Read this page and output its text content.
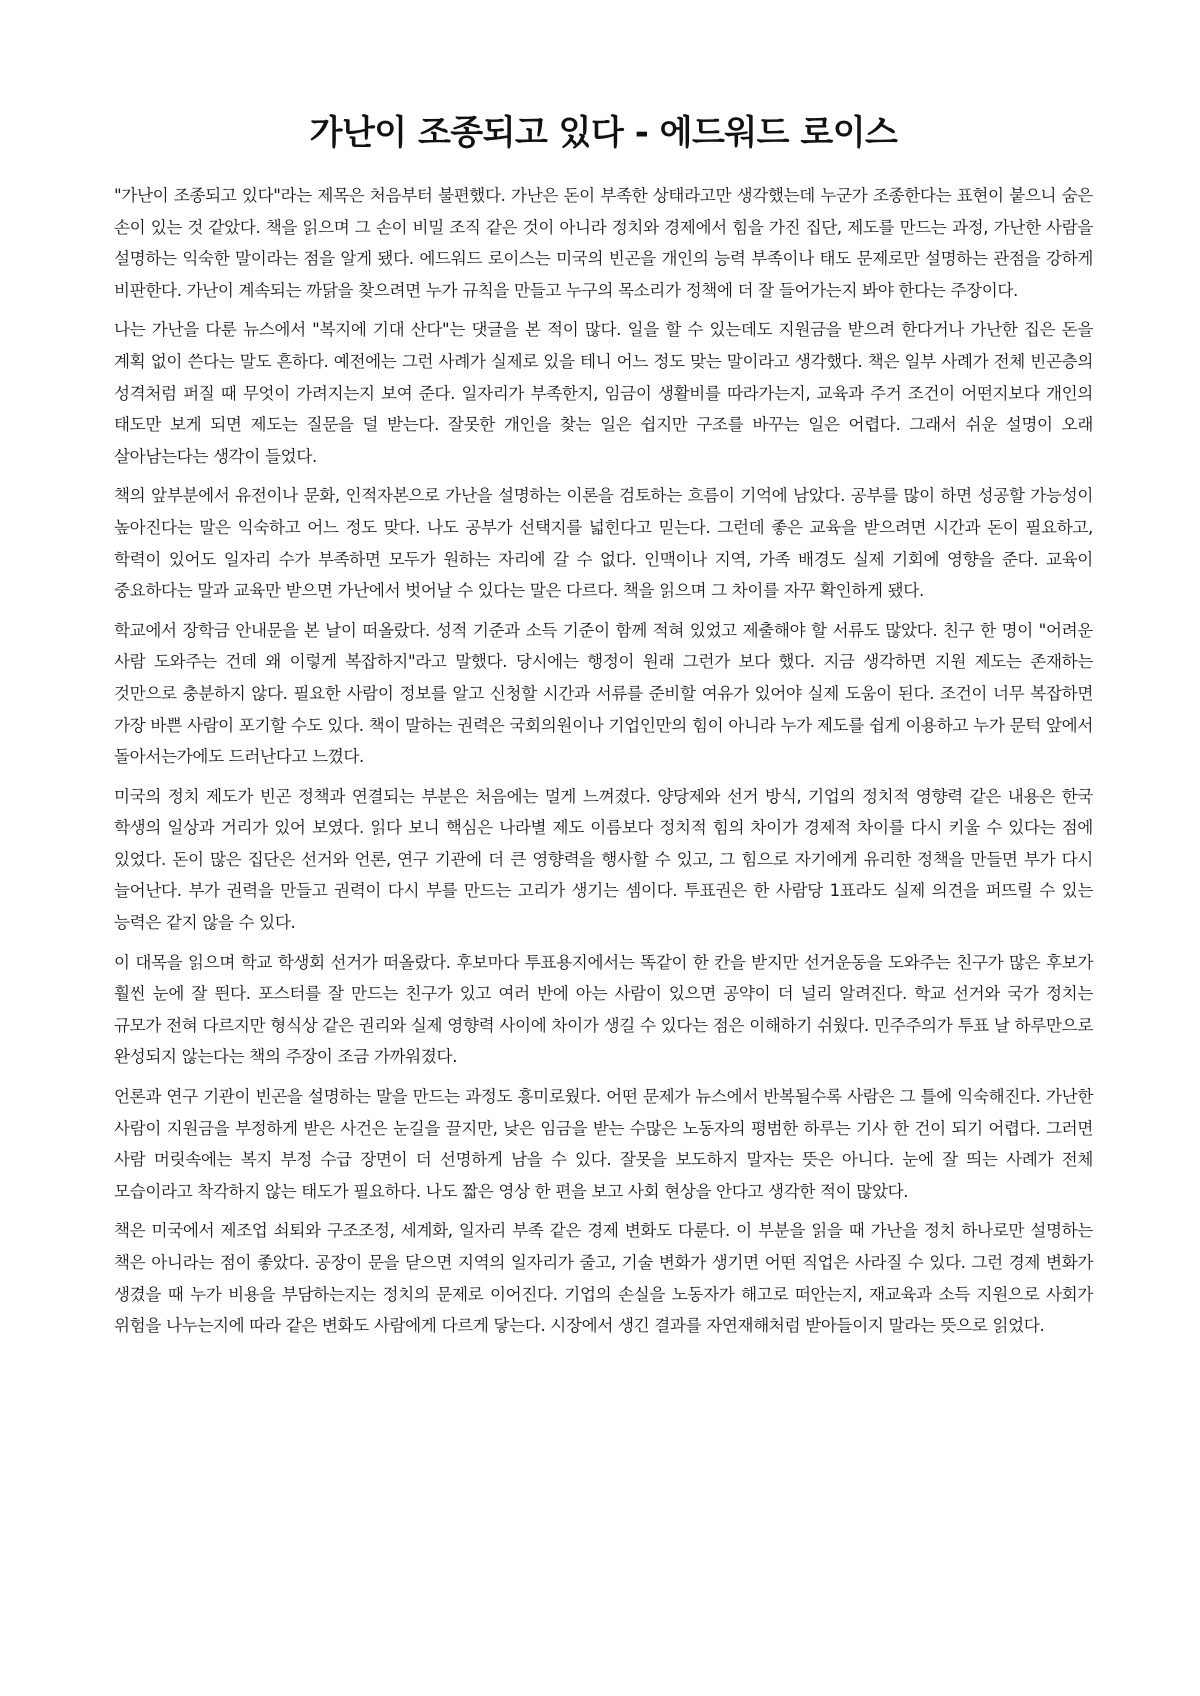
가난이 조종되고 있다 - 에드워드 로이스

"가난이 조종되고 있다"라는 제목은 처음부터 불편했다. 가난은 돈이 부족한 상태라고만 생각했는데 누군가 조종한다는 표현이 붙으니 숨은 손이 있는 것 같았다. 책을 읽으며 그 손이 비밀 조직 같은 것이 아니라 정치와 경제에서 힘을 가진 집단, 제도를 만드는 과정, 가난한 사람을 설명하는 익숙한 말이라는 점을 알게 됐다. 에드워드 로이스는 미국의 빈곤을 개인의 능력 부족이나 태도 문제로만 설명하는 관점을 강하게 비판한다. 가난이 계속되는 까닭을 찾으려면 누가 규칙을 만들고 누구의 목소리가 정책에 더 잘 들어가는지 봐야 한다는 주장이다.

나는 가난을 다룬 뉴스에서 "복지에 기대 산다"는 댓글을 본 적이 많다. 일을 할 수 있는데도 지원금을 받으려 한다거나 가난한 집은 돈을 계획 없이 쓴다는 말도 흔하다. 예전에는 그런 사례가 실제로 있을 테니 어느 정도 맞는 말이라고 생각했다. 책은 일부 사례가 전체 빈곤층의 성격처럼 퍼질 때 무엇이 가려지는지 보여 준다. 일자리가 부족한지, 임금이 생활비를 따라가는지, 교육과 주거 조건이 어떤지보다 개인의 태도만 보게 되면 제도는 질문을 덜 받는다. 잘못한 개인을 찾는 일은 쉽지만 구조를 바꾸는 일은 어렵다. 그래서 쉬운 설명이 오래 살아남는다는 생각이 들었다.

책의 앞부분에서 유전이나 문화, 인적자본으로 가난을 설명하는 이론을 검토하는 흐름이 기억에 남았다. 공부를 많이 하면 성공할 가능성이 높아진다는 말은 익숙하고 어느 정도 맞다. 나도 공부가 선택지를 넓힌다고 믿는다. 그런데 좋은 교육을 받으려면 시간과 돈이 필요하고, 학력이 있어도 일자리 수가 부족하면 모두가 원하는 자리에 갈 수 없다. 인맥이나 지역, 가족 배경도 실제 기회에 영향을 준다. 교육이 중요하다는 말과 교육만 받으면 가난에서 벗어날 수 있다는 말은 다르다. 책을 읽으며 그 차이를 자꾸 확인하게 됐다.

학교에서 장학금 안내문을 본 날이 떠올랐다. 성적 기준과 소득 기준이 함께 적혀 있었고 제출해야 할 서류도 많았다. 친구 한 명이 "어려운 사람 도와주는 건데 왜 이렇게 복잡하지"라고 말했다. 당시에는 행정이 원래 그런가 보다 했다. 지금 생각하면 지원 제도는 존재하는 것만으로 충분하지 않다. 필요한 사람이 정보를 알고 신청할 시간과 서류를 준비할 여유가 있어야 실제 도움이 된다. 조건이 너무 복잡하면 가장 바쁜 사람이 포기할 수도 있다. 책이 말하는 권력은 국회의원이나 기업인만의 힘이 아니라 누가 제도를 쉽게 이용하고 누가 문턱 앞에서 돌아서는가에도 드러난다고 느꼈다.

미국의 정치 제도가 빈곤 정책과 연결되는 부분은 처음에는 멀게 느껴졌다. 양당제와 선거 방식, 기업의 정치적 영향력 같은 내용은 한국 학생의 일상과 거리가 있어 보였다. 읽다 보니 핵심은 나라별 제도 이름보다 정치적 힘의 차이가 경제적 차이를 다시 키울 수 있다는 점에 있었다. 돈이 많은 집단은 선거와 언론, 연구 기관에 더 큰 영향력을 행사할 수 있고, 그 힘으로 자기에게 유리한 정책을 만들면 부가 다시 늘어난다. 부가 권력을 만들고 권력이 다시 부를 만드는 고리가 생기는 셈이다. 투표권은 한 사람당 1표라도 실제 의견을 퍼뜨릴 수 있는 능력은 같지 않을 수 있다.

이 대목을 읽으며 학교 학생회 선거가 떠올랐다. 후보마다 투표용지에서는 똑같이 한 칸을 받지만 선거운동을 도와주는 친구가 많은 후보가 훨씬 눈에 잘 띈다. 포스터를 잘 만드는 친구가 있고 여러 반에 아는 사람이 있으면 공약이 더 널리 알려진다. 학교 선거와 국가 정치는 규모가 전혀 다르지만 형식상 같은 권리와 실제 영향력 사이에 차이가 생길 수 있다는 점은 이해하기 쉬웠다. 민주주의가 투표 날 하루만으로 완성되지 않는다는 책의 주장이 조금 가까워졌다.

언론과 연구 기관이 빈곤을 설명하는 말을 만드는 과정도 흥미로웠다. 어떤 문제가 뉴스에서 반복될수록 사람은 그 틀에 익숙해진다. 가난한 사람이 지원금을 부정하게 받은 사건은 눈길을 끌지만, 낮은 임금을 받는 수많은 노동자의 평범한 하루는 기사 한 건이 되기 어렵다. 그러면 사람 머릿속에는 복지 부정 수급 장면이 더 선명하게 남을 수 있다. 잘못을 보도하지 말자는 뜻은 아니다. 눈에 잘 띄는 사례가 전체 모습이라고 착각하지 않는 태도가 필요하다. 나도 짧은 영상 한 편을 보고 사회 현상을 안다고 생각한 적이 많았다.

책은 미국에서 제조업 쇠퇴와 구조조정, 세계화, 일자리 부족 같은 경제 변화도 다룬다. 이 부분을 읽을 때 가난을 정치 하나로만 설명하는 책은 아니라는 점이 좋았다. 공장이 문을 닫으면 지역의 일자리가 줄고, 기술 변화가 생기면 어떤 직업은 사라질 수 있다. 그런 경제 변화가 생겼을 때 누가 비용을 부담하는지는 정치의 문제로 이어진다. 기업의 손실을 노동자가 해고로 떠안는지, 재교육과 소득 지원으로 사회가 위험을 나누는지에 따라 같은 변화도 사람에게 다르게 닿는다. 시장에서 생긴 결과를 자연재해처럼 받아들이지 말라는 뜻으로 읽었다.
